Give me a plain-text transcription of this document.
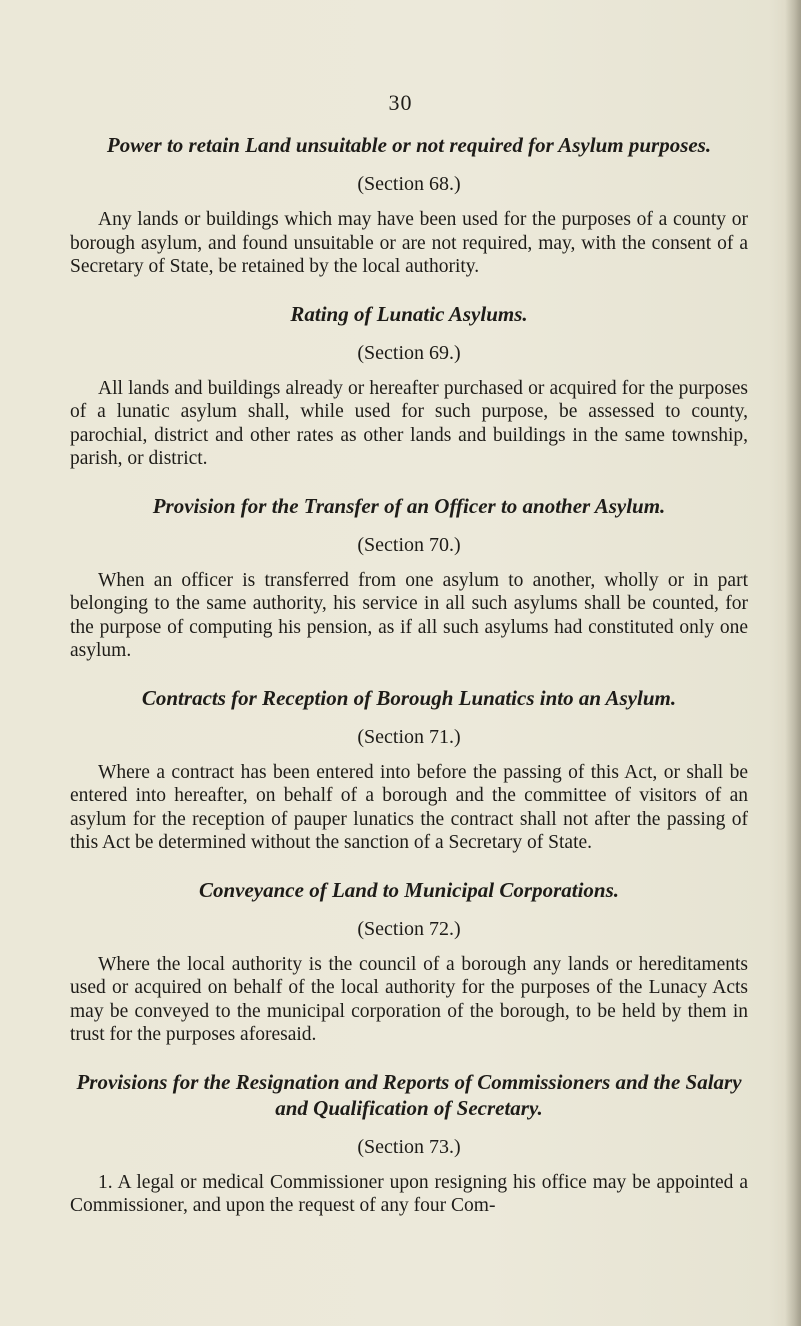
30
Power to retain Land unsuitable or not required for Asylum purposes.
(Section 68.)

Any lands or buildings which may have been used for the purposes of a county or borough asylum, and found unsuitable or are not required, may, with the consent of a Secretary of State, be retained by the local authority.

Rating of Lunatic Asylums.
(Section 69.)

All lands and buildings already or hereafter purchased or acquired for the purposes of a lunatic asylum shall, while used for such purpose, be assessed to county, parochial, district and other rates as other lands and buildings in the same township, parish, or district.

Provision for the Transfer of an Officer to another Asylum.
(Section 70.)

When an officer is transferred from one asylum to another, wholly or in part belonging to the same authority, his service in all such asylums shall be counted, for the purpose of computing his pension, as if all such asylums had constituted only one asylum.

Contracts for Reception of Borough Lunatics into an Asylum.
(Section 71.)

Where a contract has been entered into before the passing of this Act, or shall be entered into hereafter, on behalf of a borough and the committee of visitors of an asylum for the reception of pauper lunatics the contract shall not after the passing of this Act be determined without the sanction of a Secretary of State.

Conveyance of Land to Municipal Corporations.
(Section 72.)

Where the local authority is the council of a borough any lands or hereditaments used or acquired on behalf of the local authority for the purposes of the Lunacy Acts may be conveyed to the municipal corporation of the borough, to be held by them in trust for the purposes aforesaid.

Provisions for the Resignation and Reports of Commissioners and the Salary and Qualification of Secretary.
(Section 73.)

1. A legal or medical Commissioner upon resigning his office may be appointed a Commissioner, and upon the request of any four Com-
